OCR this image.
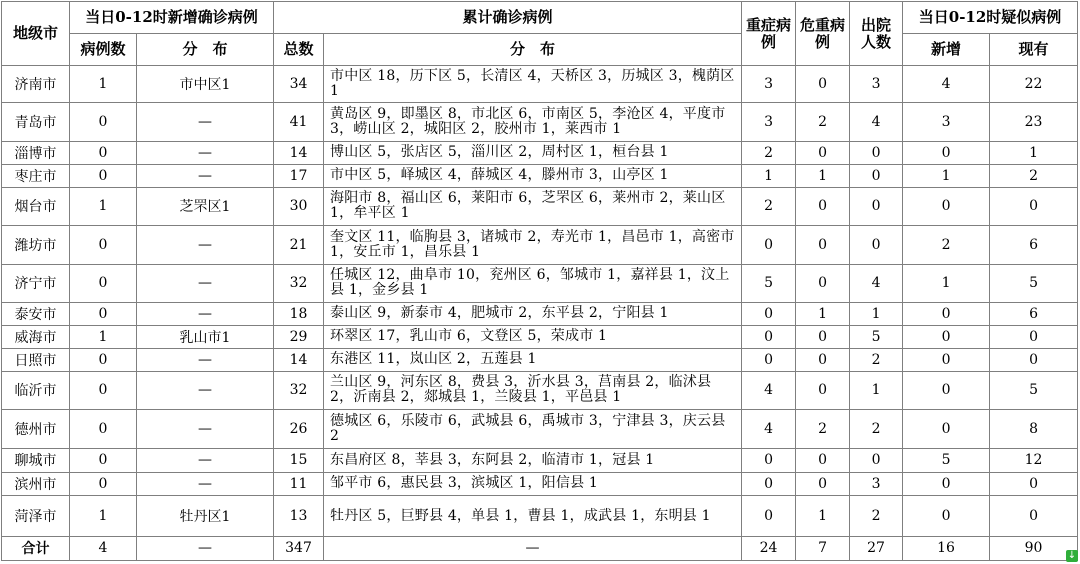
地级市	当日0-12时新增确诊病例		累计确诊病例		重症病例	危重病例	出院人数	当日0-12时疑似病例	
	病例数	分　布	总数	分　布				新增	现有
济南市	1	市中区1	34	市中区 18，历下区 5，长清区 4，天桥区 3，历城区 3，槐荫区 1	3	0	3	4	22
青岛市	0	—	41	黄岛区 9，即墨区 8，市北区 6，市南区 5，李沧区 4，平度市 3，崂山区 2，城阳区 2，胶州市 1，莱西市 1	3	2	4	3	23
淄博市	0	—	14	博山区 5，张店区 5，淄川区 2，周村区 1，桓台县 1	2	0	0	0	1
枣庄市	0	—	17	市中区 5，峄城区 4，薛城区 4，滕州市 3，山亭区 1	1	1	0	1	2
烟台市	1	芝罘区1	30	海阳市 8，福山区 6，莱阳市 6，芝罘区 6，莱州市 2，莱山区 1，牟平区 1	2	0	0	0	0
潍坊市	0	—	21	奎文区 11，临朐县 3，诸城市 2，寿光市 1，昌邑市 1，高密市 1，安丘市 1，昌乐县 1	0	0	0	2	6
济宁市	0	—	32	任城区 12，曲阜市 10，兖州区 6，邹城市 1，嘉祥县 1，汶上县 1，金乡县 1	5	0	4	1	5
泰安市	0	—	18	泰山区 9，新泰市 4，肥城市 2，东平县 2，宁阳县 1	0	1	1	0	6
威海市	1	乳山市1	29	环翠区 17，乳山市 6，文登区 5，荣成市 1	0	0	5	0	0
日照市	0	—	14	东港区 11，岚山区 2，五莲县 1	0	0	2	0	0
临沂市	0	—	32	兰山区 9，河东区 8，费县 3，沂水县 3，莒南县 2，临沭县 2，沂南县 2，郯城县 1，兰陵县 1，平邑县 1	4	0	1	0	5
德州市	0	—	26	德城区 6，乐陵市 6，武城县 6，禹城市 3，宁津县 3，庆云县 2	4	2	2	0	8
聊城市	0	—	15	东昌府区 8，莘县 3，东阿县 2，临清市 1，冠县 1	0	0	0	5	12
滨州市	0	—	11	邹平市 6，惠民县 3，滨城区 1，阳信县 1	0	0	3	0	0
菏泽市	1	牡丹区1	13	牡丹区 5，巨野县 4，单县 1，曹县 1，成武县 1，东明县 1	0	1	2	0	0
合计	4	—	347	—	24	7	27	16	90	↓
